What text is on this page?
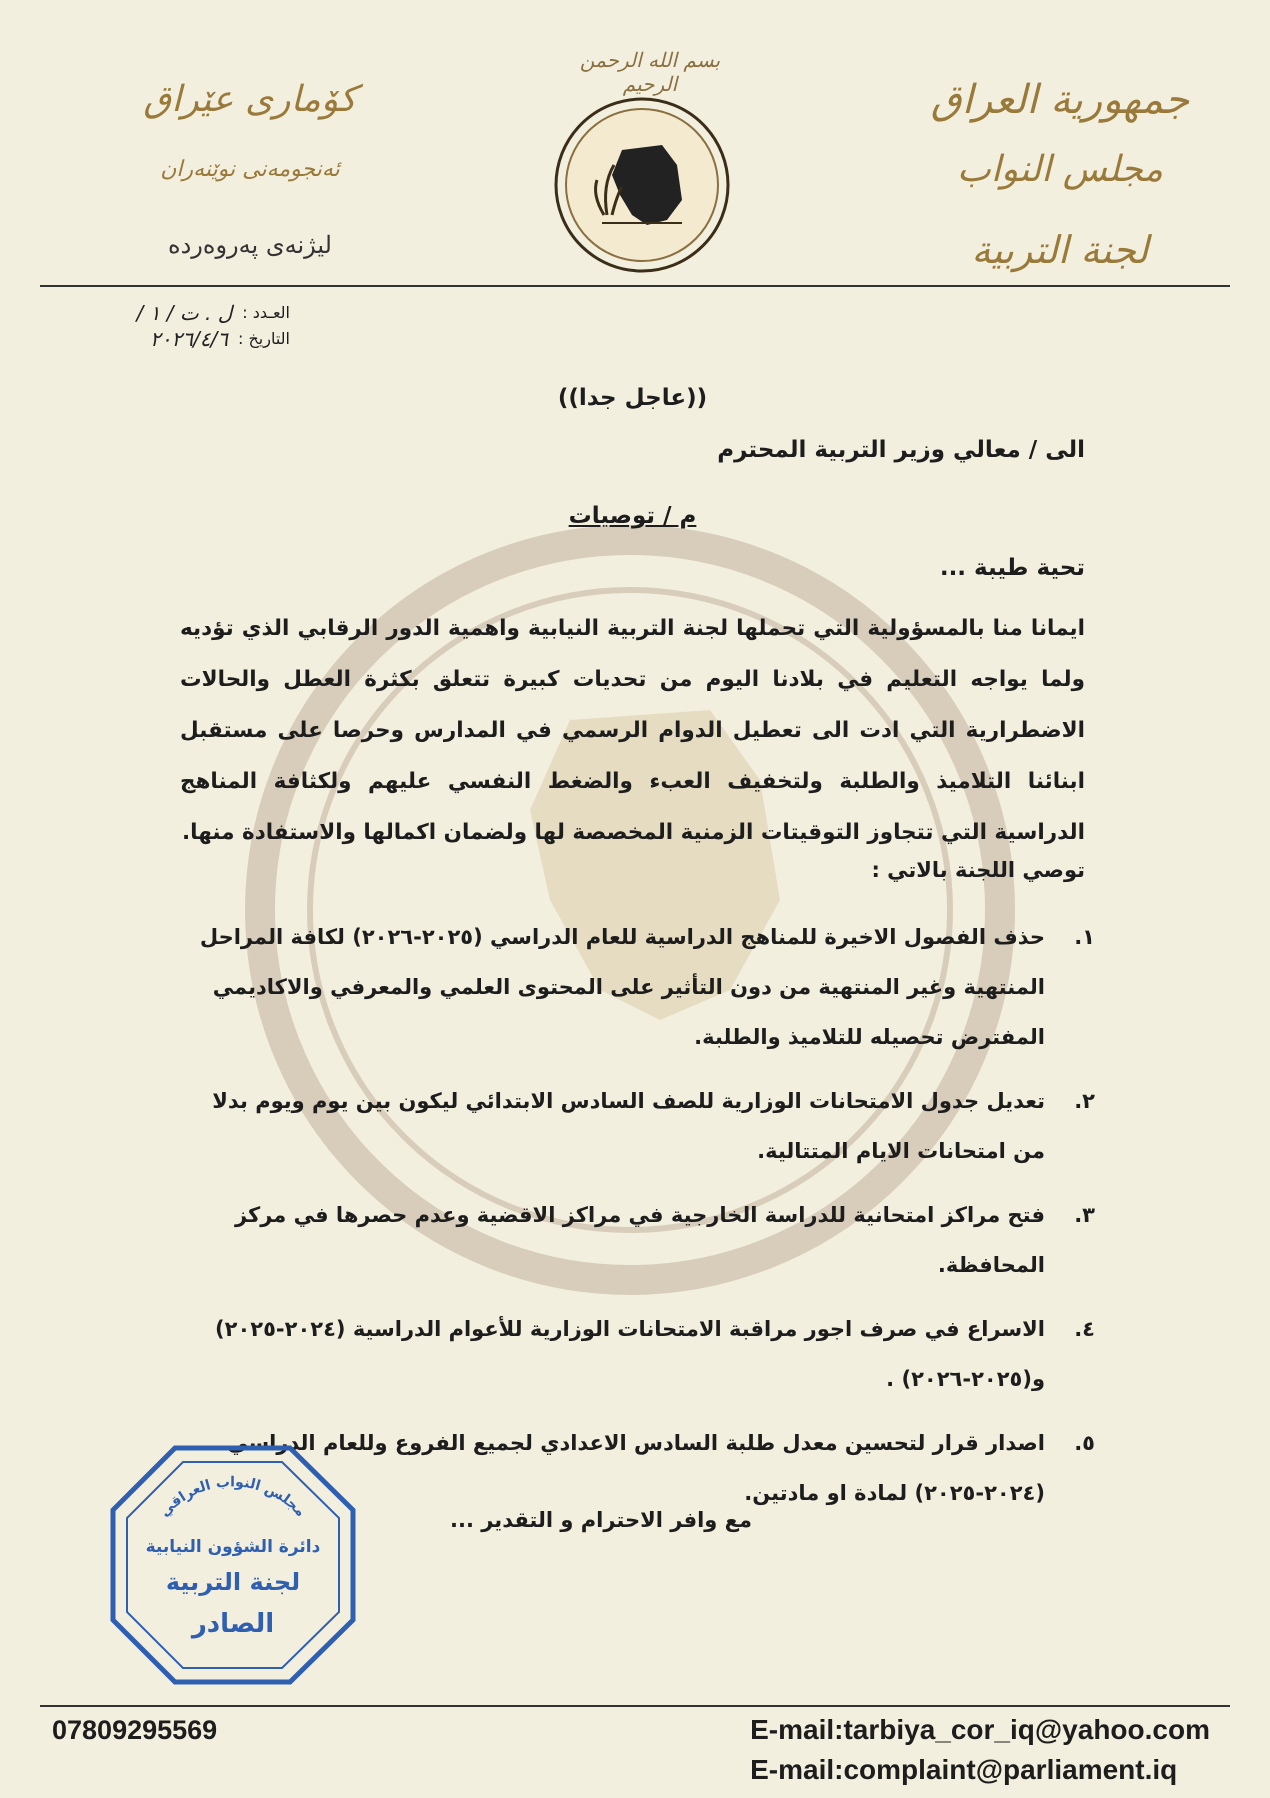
جمهورية العراق
مجلس النواب
لجنة التربية
كۆماری عێراق
ئەنجومەنی نوێنەران
لیژنەی پەروەردە
بسم الله الرحمن الرحيم
العـدد :
ل . ت / ١ /
التاريخ :
٢٠٢٦/٤/٦
((عاجل جدا))
الى / معالي وزير التربية المحترم
م / توصيات
تحية طيبة ...
ايمانا منا بالمسؤولية التي تحملها لجنة التربية النيابية واهمية الدور الرقابي الذي تؤديه ولما يواجه التعليم في بلادنا اليوم من تحديات كبيرة تتعلق بكثرة العطل والحالات الاضطرارية التي ادت الى تعطيل الدوام الرسمي في المدارس وحرصا على مستقبل ابنائنا التلاميذ والطلبة ولتخفيف العبء والضغط النفسي عليهم ولكثافة المناهج الدراسية التي تتجاوز التوقيتات الزمنية المخصصة لها ولضمان اكمالها والاستفادة منها.
توصي اللجنة بالاتي :
١.
حذف الفصول الاخيرة للمناهج الدراسية للعام الدراسي (٢٠٢٥-٢٠٢٦) لكافة المراحل المنتهية وغير المنتهية من دون التأثير على المحتوى العلمي والمعرفي والاكاديمي المفترض تحصيله للتلاميذ والطلبة.
٢.
تعديل جدول الامتحانات الوزارية للصف السادس الابتدائي ليكون بين يوم ويوم بدلا من امتحانات الايام المتتالية.
٣.
فتح مراكز امتحانية للدراسة الخارجية في مراكز الاقضية وعدم حصرها في مركز المحافظة.
٤.
الاسراع في صرف اجور مراقبة الامتحانات الوزارية للأعوام الدراسية (٢٠٢٤-٢٠٢٥) و(٢٠٢٥-٢٠٢٦) .
٥.
اصدار قرار لتحسين معدل طلبة السادس الاعدادي لجميع الفروع وللعام الدراسي (٢٠٢٤-٢٠٢٥) لمادة او مادتين.
مع وافر الاحترام و التقدير ...
مجلس النواب العراقي
دائرة الشؤون النيابية
لجنة التربية
الصادر
07809295569	E-mail:tarbiya_cor_iq@yahoo.com
E-mail:complaint@parliament.iq
